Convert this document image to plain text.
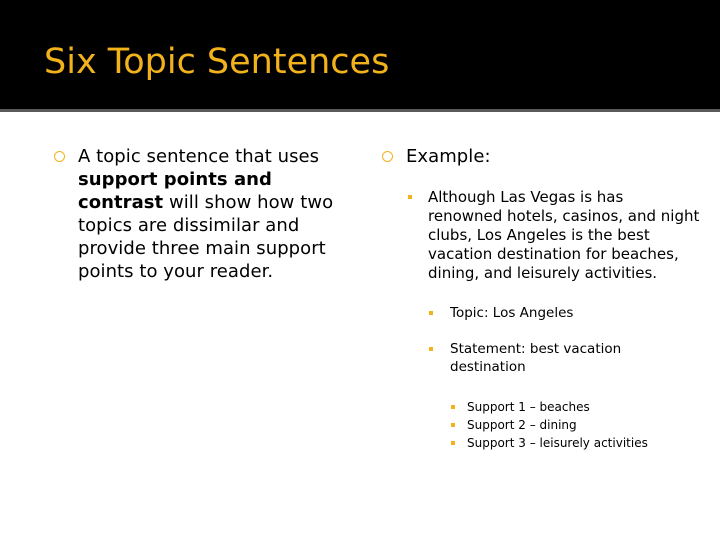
Six Topic Sentences
A topic sentence that uses support points and contrast will show how two topics are dissimilar and provide three main support points to your reader.
Example:
Although Las Vegas is has renowned hotels, casinos, and night clubs, Los Angeles is the best vacation destination for beaches, dining, and leisurely activities.
Topic: Los Angeles
Statement: best vacation destination
Support 1 – beaches
Support 2 – dining
Support 3 – leisurely activities
